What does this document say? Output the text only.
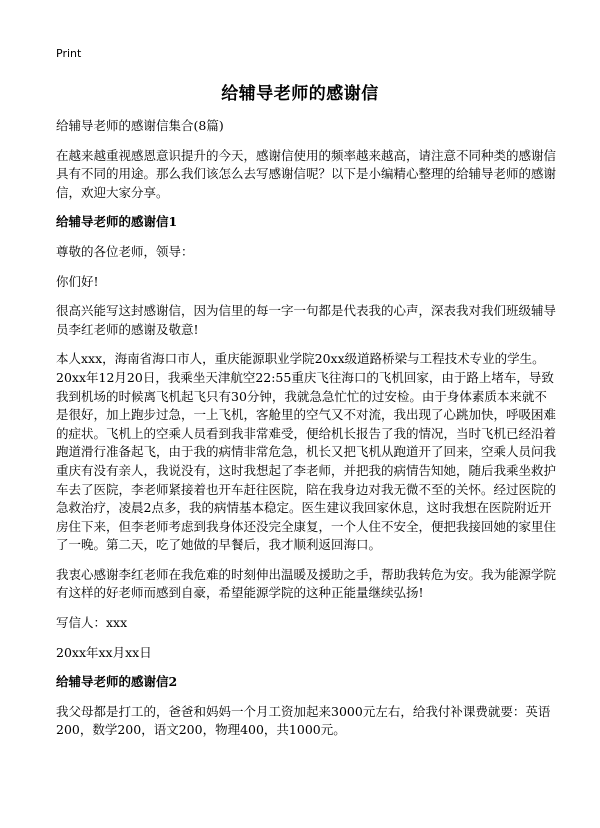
Print
给辅导老师的感谢信

给辅导老师的感谢信集合(8篇)

在越来越重视感恩意识提升的今天，感谢信使用的频率越来越高，请注意不同种类的感谢信具有不同的用途。那么我们该怎么去写感谢信呢？以下是小编精心整理的给辅导老师的感谢信，欢迎大家分享。

给辅导老师的感谢信1

尊敬的各位老师，领导：

你们好!

很高兴能写这封感谢信，因为信里的每一字一句都是代表我的心声，深表我对我们班级辅导员李红老师的感谢及敬意!

本人xxx，海南省海口市人，重庆能源职业学院20xx级道路桥梁与工程技术专业的学生。20xx年12月20日，我乘坐天津航空22:55重庆飞往海口的飞机回家，由于路上堵车，导致我到机场的时候离飞机起飞只有30分钟，我就急急忙忙的过安检。由于身体素质本来就不是很好，加上跑步过急，一上飞机，客舱里的空气又不对流，我出现了心跳加快，呼吸困难的症状。飞机上的空乘人员看到我非常难受，便给机长报告了我的情况，当时飞机已经沿着跑道滑行准备起飞，由于我的病情非常危急，机长又把飞机从跑道开了回来，空乘人员问我重庆有没有亲人，我说没有，这时我想起了李老师，并把我的病情告知她，随后我乘坐救护车去了医院，李老师紧接着也开车赶往医院，陪在我身边对我无微不至的关怀。经过医院的急救治疗，凌晨2点多，我的病情基本稳定。医生建议我回家休息，这时我想在医院附近开房住下来，但李老师考虑到我身体还没完全康复，一个人住不安全，便把我接回她的家里住了一晚。第二天，吃了她做的早餐后，我才顺利返回海口。

我衷心感谢李红老师在我危难的时刻伸出温暖及援助之手，帮助我转危为安。我为能源学院有这样的好老师而感到自豪，希望能源学院的这种正能量继续弘扬!

写信人：xxx

20xx年xx月xx日

给辅导老师的感谢信2

我父母都是打工的，爸爸和妈妈一个月工资加起来3000元左右，给我付补课费就要：英语200，数学200，语文200，物理400，共1000元。
